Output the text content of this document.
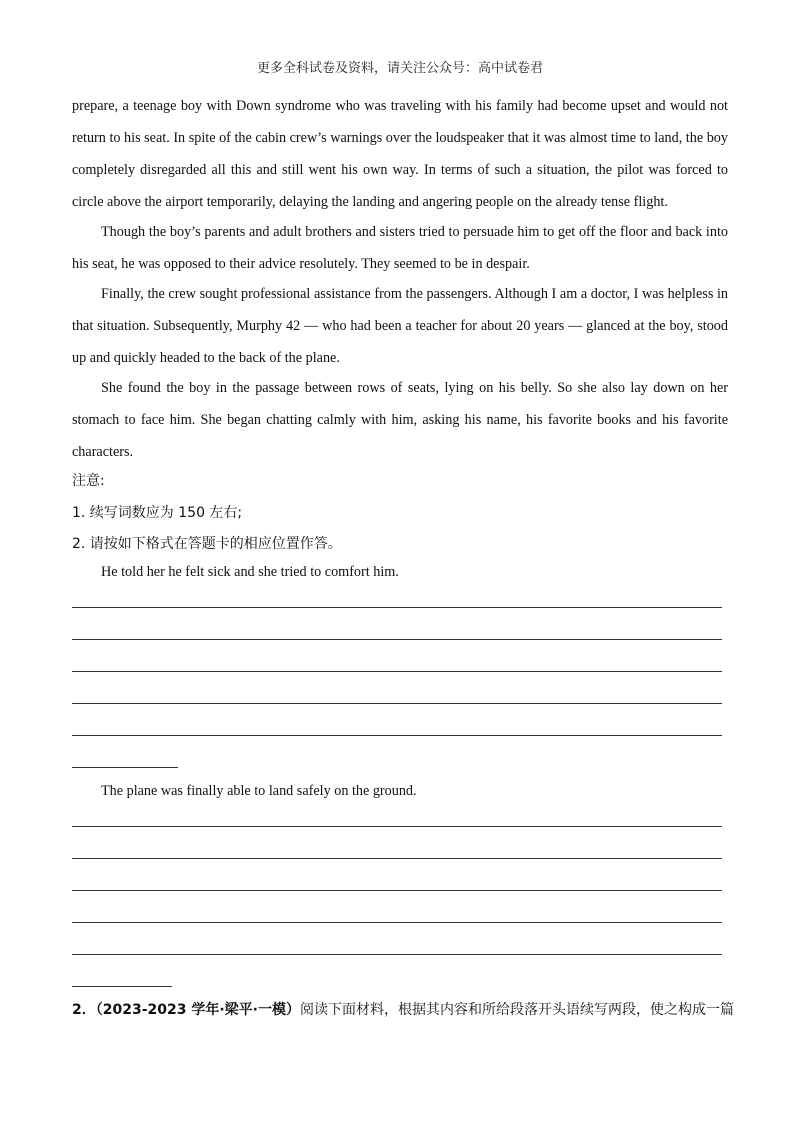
更多全科试卷及资料，请关注公众号：高中试卷君

prepare, a teenage boy with Down syndrome who was traveling with his family had become upset and would not return to his seat. In spite of the cabin crew’s warnings over the loudspeaker that it was almost time to land, the boy completely disregarded all this and still went his own way. In terms of such a situation, the pilot was forced to circle above the airport temporarily, delaying the landing and angering people on the already tense flight.

Though the boy’s parents and adult brothers and sisters tried to persuade him to get off the floor and back into his seat, he was opposed to their advice resolutely. They seemed to be in despair.

Finally, the crew sought professional assistance from the passengers. Although I am a doctor, I was helpless in that situation. Subsequently, Murphy 42 — who had been a teacher for about 20 years — glanced at the boy, stood up and quickly headed to the back of the plane.

She found the boy in the passage between rows of seats, lying on his belly. So she also lay down on her stomach to face him. She began chatting calmly with him, asking his name, his favorite books and his favorite characters.

注意:
1. 续写词数应为 150 左右;
2. 请按如下格式在答题卡的相应位置作答。
He told her he felt sick and she tried to comfort him.
The plane was finally able to land safely on the ground.
2．（2023-2023 学年·梁平·一模）阅读下面材料，根据其内容和所给段落开头语续写两段，使之构成一篇
